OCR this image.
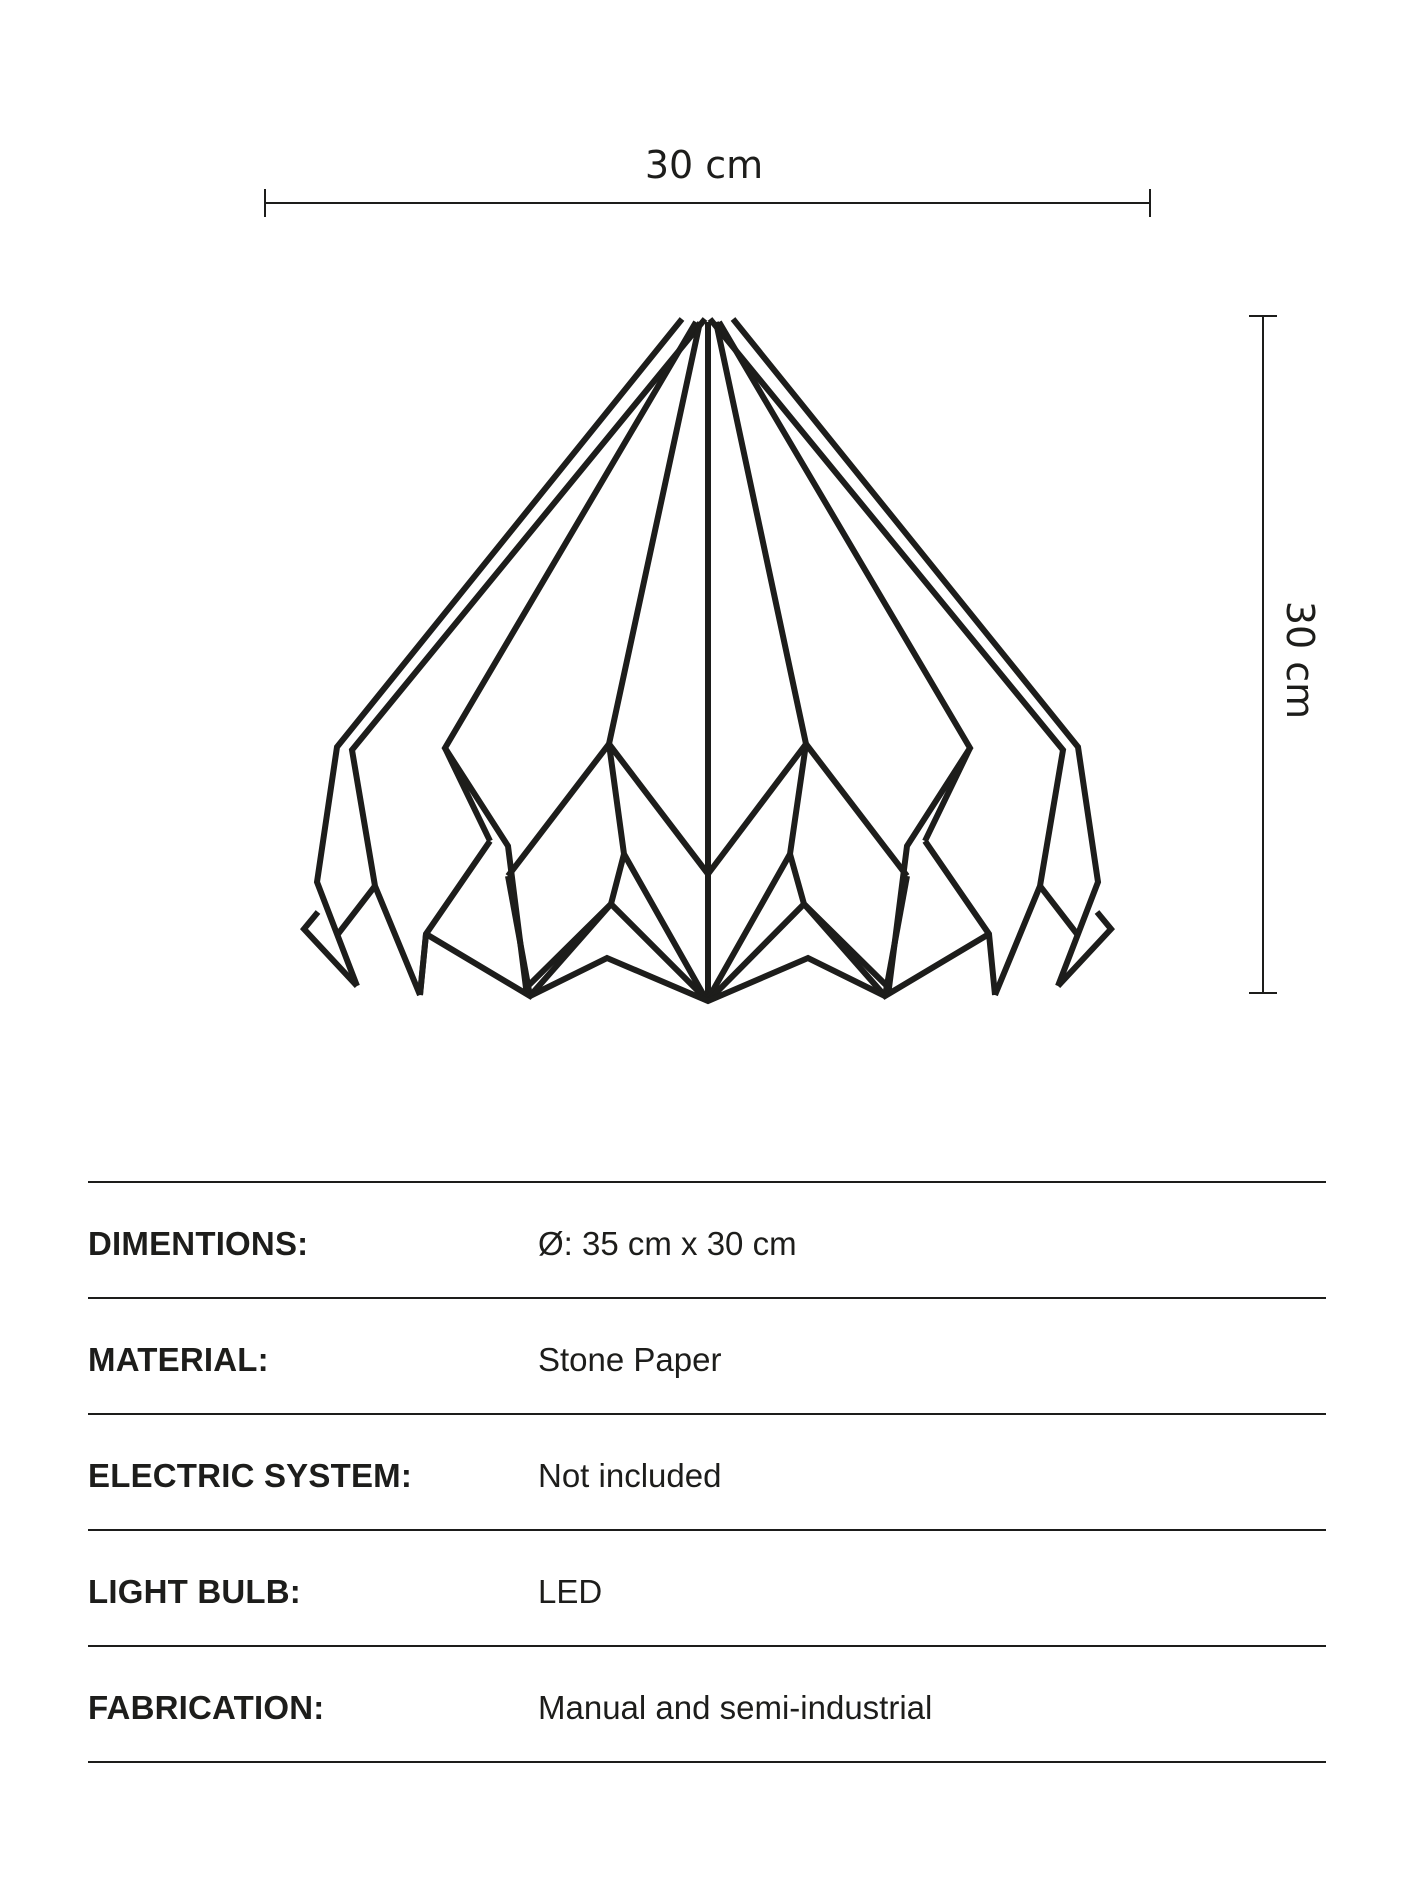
30 cm
30 cm
DIMENTIONS:	Ø: 35 cm x 30 cm
MATERIAL:	Stone Paper
ELECTRIC SYSTEM:	Not included
LIGHT BULB:	LED
FABRICATION:	Manual and semi-industrial
